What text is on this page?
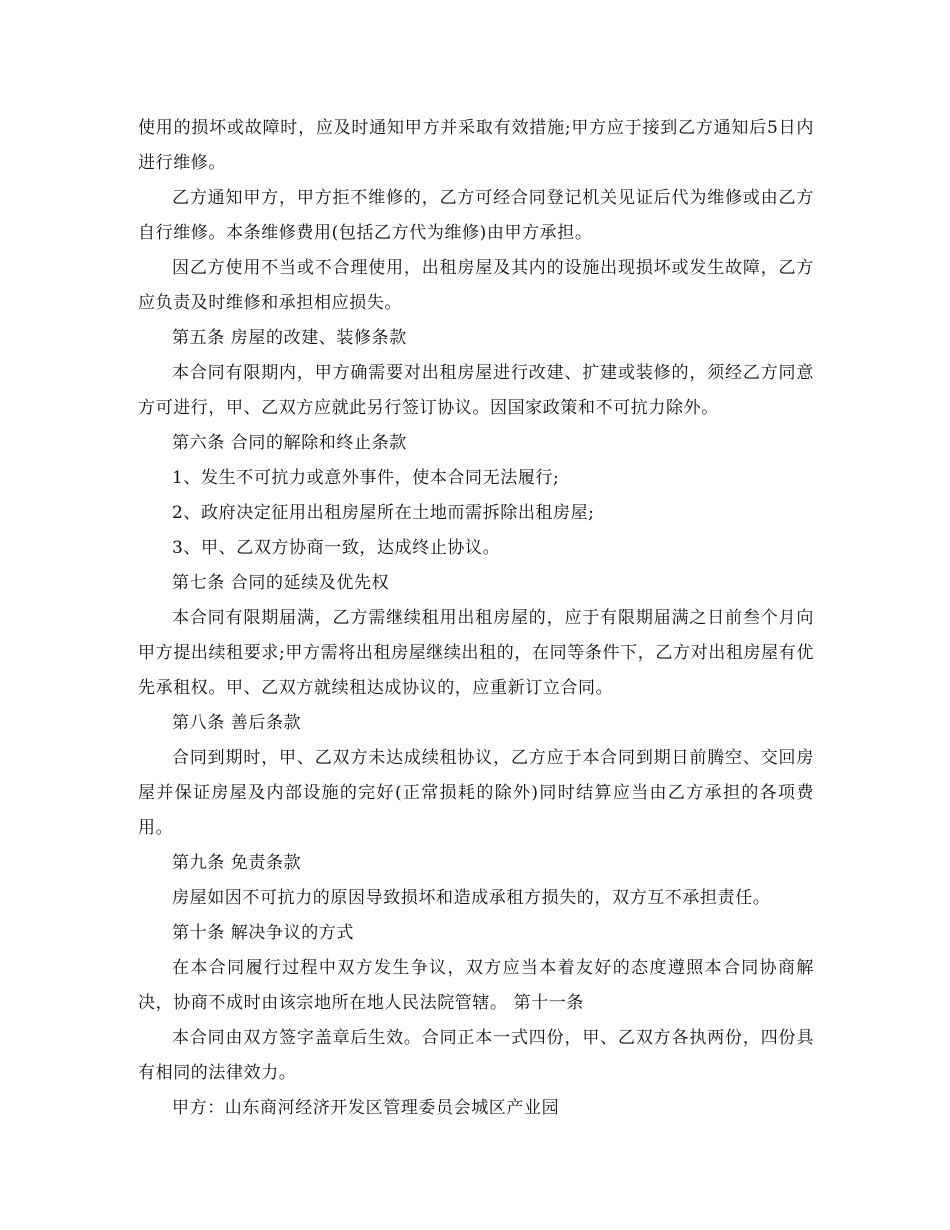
使用的损坏或故障时，应及时通知甲方并采取有效措施;甲方应于接到乙方通知后5日内进行维修。

乙方通知甲方，甲方拒不维修的，乙方可经合同登记机关见证后代为维修或由乙方自行维修。本条维修费用(包括乙方代为维修)由甲方承担。

因乙方使用不当或不合理使用，出租房屋及其内的设施出现损坏或发生故障，乙方应负责及时维修和承担相应损失。

第五条 房屋的改建、装修条款

本合同有限期内，甲方确需要对出租房屋进行改建、扩建或装修的，须经乙方同意方可进行，甲、乙双方应就此另行签订协议。因国家政策和不可抗力除外。

第六条 合同的解除和终止条款

1、发生不可抗力或意外事件，使本合同无法履行;

2、政府决定征用出租房屋所在土地而需拆除出租房屋;

3、甲、乙双方协商一致，达成终止协议。

第七条 合同的延续及优先权

本合同有限期届满，乙方需继续租用出租房屋的，应于有限期届满之日前叁个月向甲方提出续租要求;甲方需将出租房屋继续出租的，在同等条件下，乙方对出租房屋有优先承租权。甲、乙双方就续租达成协议的，应重新订立合同。

第八条 善后条款

合同到期时，甲、乙双方未达成续租协议，乙方应于本合同到期日前腾空、交回房屋并保证房屋及内部设施的完好(正常损耗的除外)同时结算应当由乙方承担的各项费用。

第九条 免责条款

房屋如因不可抗力的原因导致损坏和造成承租方损失的，双方互不承担责任。

第十条 解决争议的方式

在本合同履行过程中双方发生争议，双方应当本着友好的态度遵照本合同协商解决，协商不成时由该宗地所在地人民法院管辖。 第十一条

本合同由双方签字盖章后生效。合同正本一式四份，甲、乙双方各执两份，四份具有相同的法律效力。

甲方：山东商河经济开发区管理委员会城区产业园
